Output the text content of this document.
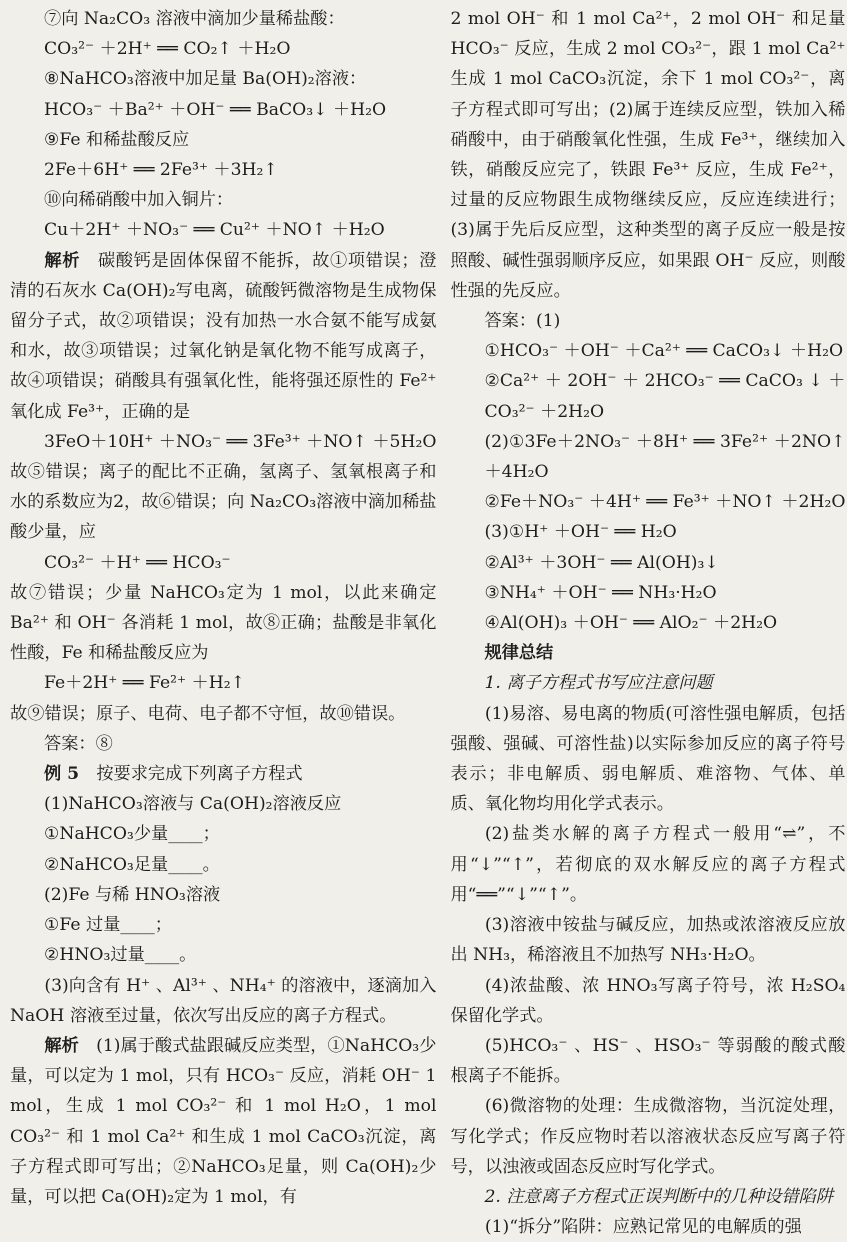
⑦向 Na₂CO₃ 溶液中滴加少量稀盐酸：
CO₃²⁻ ＋2H⁺ ══ CO₂↑ ＋H₂O
⑧NaHCO₃溶液中加足量 Ba(OH)₂溶液：
HCO₃⁻ ＋Ba²⁺ ＋OH⁻ ══ BaCO₃↓ ＋H₂O
⑨Fe 和稀盐酸反应
2Fe＋6H⁺ ══ 2Fe³⁺ ＋3H₂↑
⑩向稀硝酸中加入铜片：
Cu＋2H⁺ ＋NO₃⁻ ══ Cu²⁺ ＋NO↑ ＋H₂O
解析　碳酸钙是固体保留不能拆，故①项错误；澄清的石灰水 Ca(OH)₂写电离，硫酸钙微溶物是生成物保留分子式，故②项错误；没有加热一水合氨不能写成氨和水，故③项错误；过氧化钠是氧化物不能写成离子，故④项错误；硝酸具有强氧化性，能将强还原性的 Fe²⁺氧化成 Fe³⁺，正确的是
3FeO＋10H⁺ ＋NO₃⁻ ══ 3Fe³⁺ ＋NO↑ ＋5H₂O
故⑤错误；离子的配比不正确，氢离子、氢氧根离子和水的系数应为2，故⑥错误；向 Na₂CO₃溶液中滴加稀盐酸少量，应
CO₃²⁻ ＋H⁺ ══ HCO₃⁻
故⑦错误；少量 NaHCO₃定为 1 mol，以此来确定 Ba²⁺ 和 OH⁻ 各消耗 1 mol，故⑧正确；盐酸是非氧化性酸，Fe 和稀盐酸反应为
Fe＋2H⁺ ══ Fe²⁺ ＋H₂↑
故⑨错误；原子、电荷、电子都不守恒，故⑩错误。
答案：⑧
例 5　按要求完成下列离子方程式
(1)NaHCO₃溶液与 Ca(OH)₂溶液反应
①NaHCO₃少量____；
②NaHCO₃足量____。
(2)Fe 与稀 HNO₃溶液
①Fe 过量____；
②HNO₃过量____。
(3)向含有 H⁺ 、Al³⁺ 、NH₄⁺ 的溶液中，逐滴加入 NaOH 溶液至过量，依次写出反应的离子方程式。
解析　(1)属于酸式盐跟碱反应类型，①NaHCO₃少量，可以定为 1 mol，只有 HCO₃⁻ 反应，消耗 OH⁻ 1 mol，生成 1 mol CO₃²⁻ 和 1 mol H₂O，1 mol CO₃²⁻ 和 1 mol Ca²⁺ 和生成 1 mol CaCO₃沉淀，离子方程式即可写出；②NaHCO₃足量，则 Ca(OH)₂少量，可以把 Ca(OH)₂定为 1 mol，有
2 mol OH⁻ 和 1 mol Ca²⁺，2 mol OH⁻ 和足量 HCO₃⁻ 反应，生成 2 mol CO₃²⁻，跟 1 mol Ca²⁺ 生成 1 mol CaCO₃沉淀，余下 1 mol CO₃²⁻，离子方程式即可写出；(2)属于连续反应型，铁加入稀硝酸中，由于硝酸氧化性强，生成 Fe³⁺，继续加入铁，硝酸反应完了，铁跟 Fe³⁺ 反应，生成 Fe²⁺，过量的反应物跟生成物继续反应，反应连续进行；(3)属于先后反应型，这种类型的离子反应一般是按照酸、碱性强弱顺序反应，如果跟 OH⁻ 反应，则酸性强的先反应。
答案：(1)
①HCO₃⁻ ＋OH⁻ ＋Ca²⁺ ══ CaCO₃↓ ＋H₂O
②Ca²⁺ ＋ 2OH⁻ ＋ 2HCO₃⁻ ══ CaCO₃ ↓ ＋ CO₃²⁻ ＋2H₂O
(2)①3Fe＋2NO₃⁻ ＋8H⁺ ══ 3Fe²⁺ ＋2NO↑ ＋4H₂O
②Fe＋NO₃⁻ ＋4H⁺ ══ Fe³⁺ ＋NO↑ ＋2H₂O
(3)①H⁺ ＋OH⁻ ══ H₂O
②Al³⁺ ＋3OH⁻ ══ Al(OH)₃↓
③NH₄⁺ ＋OH⁻ ══ NH₃·H₂O
④Al(OH)₃ ＋OH⁻ ══ AlO₂⁻ ＋2H₂O
规律总结
1. 离子方程式书写应注意问题
(1)易溶、易电离的物质(可溶性强电解质，包括强酸、强碱、可溶性盐)以实际参加反应的离子符号表示；非电解质、弱电解质、难溶物、气体、单质、氧化物均用化学式表示。
(2)盐类水解的离子方程式一般用“⇌”，不用“↓”“↑”，若彻底的双水解反应的离子方程式用“══”“↓”“↑”。
(3)溶液中铵盐与碱反应，加热或浓溶液反应放出 NH₃，稀溶液且不加热写 NH₃·H₂O。
(4)浓盐酸、浓 HNO₃写离子符号，浓 H₂SO₄保留化学式。
(5)HCO₃⁻ 、HS⁻ 、HSO₃⁻ 等弱酸的酸式酸根离子不能拆。
(6)微溶物的处理：生成微溶物，当沉淀处理，写化学式；作反应物时若以溶液状态反应写离子符号，以浊液或固态反应时写化学式。
2. 注意离子方程式正误判断中的几种设错陷阱
(1)“拆分”陷阱：应熟记常见的电解质的强
